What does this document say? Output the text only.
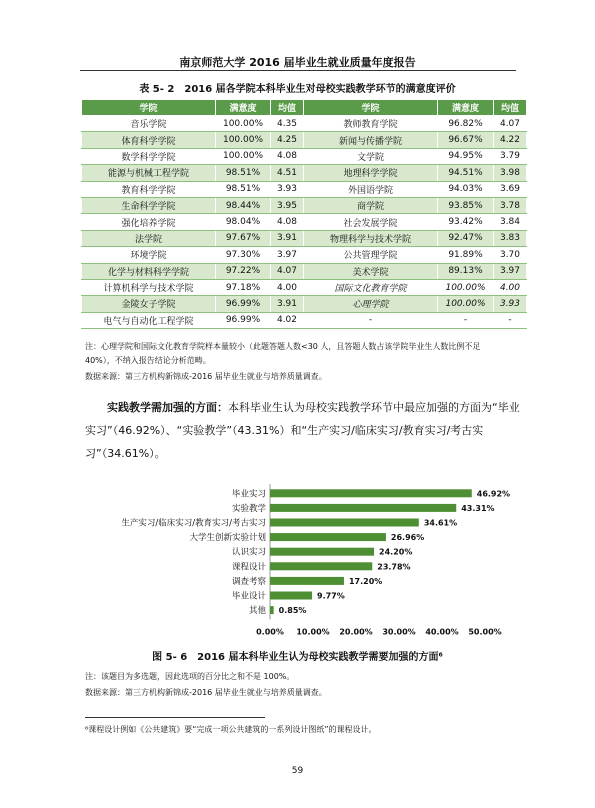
南京师范大学 2016 届毕业生就业质量年度报告
表 5- 2　2016 届各学院本科毕业生对母校实践教学环节的满意度评价
学院	满意度	均值	学院	满意度	均值
音乐学院	100.00%	4.35	教师教育学院	96.82%	4.07
体育科学学院	100.00%	4.25	新闻与传播学院	96.67%	4.22
数学科学学院	100.00%	4.08	文学院	94.95%	3.79
能源与机械工程学院	98.51%	4.51	地理科学学院	94.51%	3.98
教育科学学院	98.51%	3.93	外国语学院	94.03%	3.69
生命科学学院	98.44%	3.95	商学院	93.85%	3.78
强化培养学院	98.04%	4.08	社会发展学院	93.42%	3.84
法学院	97.67%	3.91	物理科学与技术学院	92.47%	3.83
环境学院	97.30%	3.97	公共管理学院	91.89%	3.70
化学与材料科学学院	97.22%	4.07	美术学院	89.13%	3.97
计算机科学与技术学院	97.18%	4.00	国际文化教育学院	100.00%	4.00
金陵女子学院	96.99%	3.91	心理学院	100.00%	3.93
电气与自动化工程学院	96.99%	4.02	-	-	-
注：心理学院和国际文化教育学院样本量较小（此题答题人数<30 人，且答题人数占该学院毕业生人数比例不足
40%），不纳入报告结论分析范畴。
数据来源：第三方机构新锦成-2016 届毕业生就业与培养质量调查。
实践教学需加强的方面：本科毕业生认为母校实践教学环节中最应加强的方面为“毕业实习”（46.92%）、“实验教学”（43.31%）和“生产实习/临床实习/教育实习/考古实习”（34.61%）。
毕业实习	46.92%
实验教学	43.31%
生产实习/临床实习/教育实习/考古实习	34.61%
大学生创新实验计划	26.96%
认识实习	24.20%
课程设计	23.78%
调查考察	17.20%
毕业设计	9.77%
其他 0.85%
0.00% 10.00% 20.00% 30.00% 40.00% 50.00%
图 5- 6　2016 届本科毕业生认为母校实践教学需要加强的方面⁶
注：该题目为多选题，因此选项的百分比之和不是 100%。
数据来源：第三方机构新锦成-2016 届毕业生就业与培养质量调查。
⁶课程设计例如《公共建筑》要“完成一项公共建筑的一系列设计图纸”的课程设计。
59
